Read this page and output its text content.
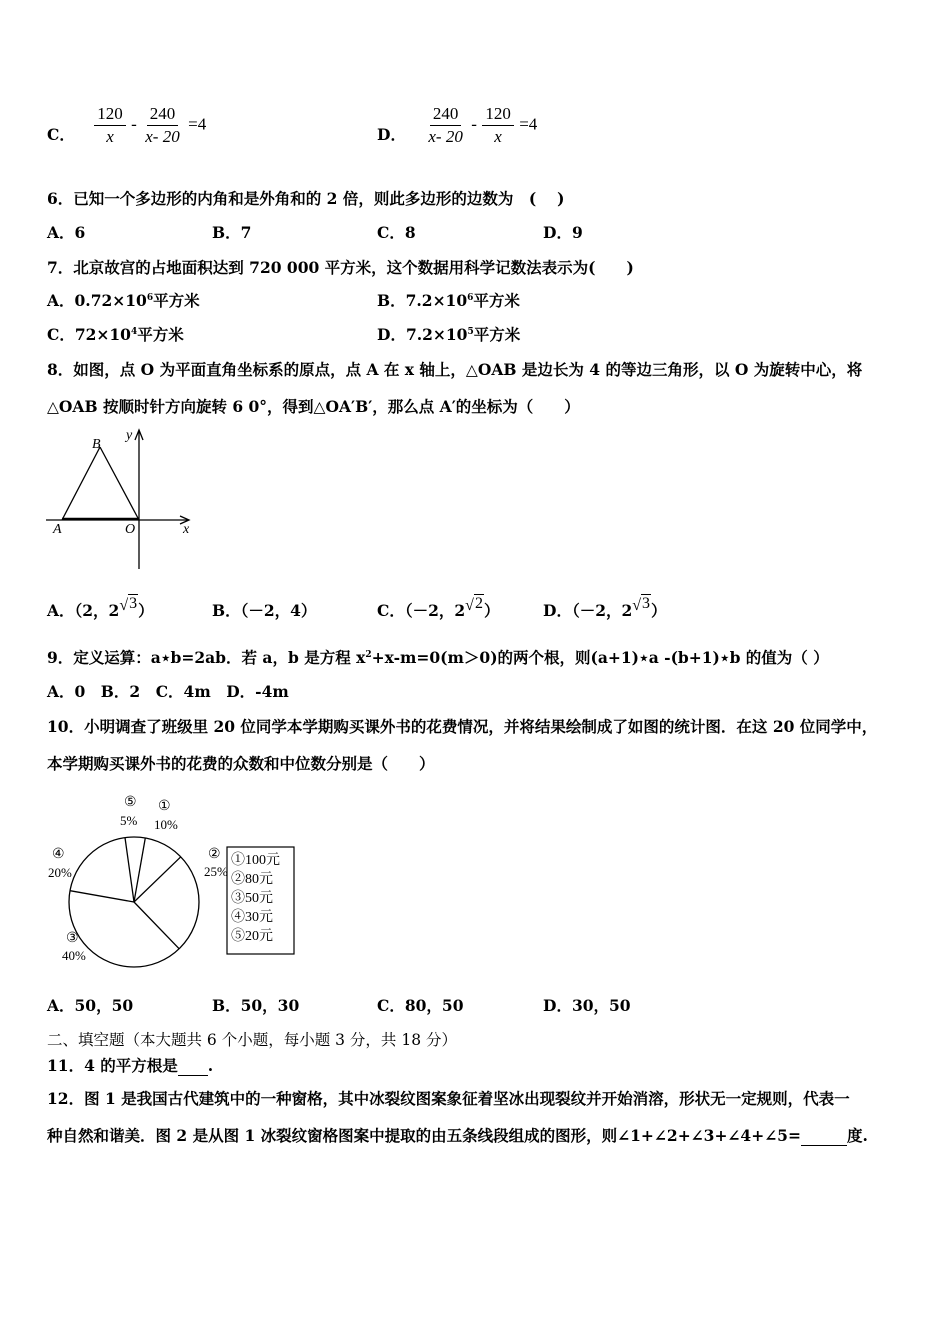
C． $\frac{120}{x} - \frac{240}{x- 20} =4$
D． $\frac{240}{x- 20} - \frac{120}{x} =4$
6．已知一个多边形的内角和是外角和的 2 倍，则此多边形的边数为　( 　)
A．6	B．7	C．8	D．9
7．北京故宫的占地面积达到 720 000 平方米，这个数据用科学记数法表示为(　　)
A．$0.72\times 10^6$平方米	B．$7.2\times 10^6$平方米
C．$72\times 10^4$平方米	D．$7.2\times 10^5$平方米
8．如图，点 O 为平面直角坐标系的原点，点 A 在 x 轴上，△OAB 是边长为 4 的等边三角形，以 O 为旋转中心，将
△OAB 按顺时针方向旋转 6 0°，得到△OA′B′，那么点 A′的坐标为（　　）
B
y
A	O	x
A．（2，2√3）	B．（－2，4）	C．（－2，2√2）	D．（－2，2√3）
9．定义运算：a⋆b=2ab．若 a，b 是方程 $x^2+x-m=0(m>0)$的两个根，则(a+1)⋆a -(b+1)⋆b 的值为（ ）
A．0　B．2　C．4m　D．-4m
10．小明调查了班级里 20 位同学本学期购买课外书的花费情况，并将结果绘制成了如图的统计图．在这 20 位同学中，
本学期购买课外书的花费的众数和中位数分别是（　　）
①
10%
②
25%
③
40%
④
20%
⑤
5%
①100元
②80元
③50元
④30元
⑤20元
A．50，50	B．50，30	C．80，50	D．30，50
二、填空题（本大题共 6 个小题，每小题 3 分，共 18 分）
11．4 的平方根是 .
12．图 1 是我国古代建筑中的一种窗格，其中冰裂纹图案象征着坚冰出现裂纹并开始消溶，形状无一定规则，代表一
种自然和谐美．图 2 是从图 1 冰裂纹窗格图案中提取的由五条线段组成的图形，则∠1+∠2+∠3+∠4+∠5=	度.
